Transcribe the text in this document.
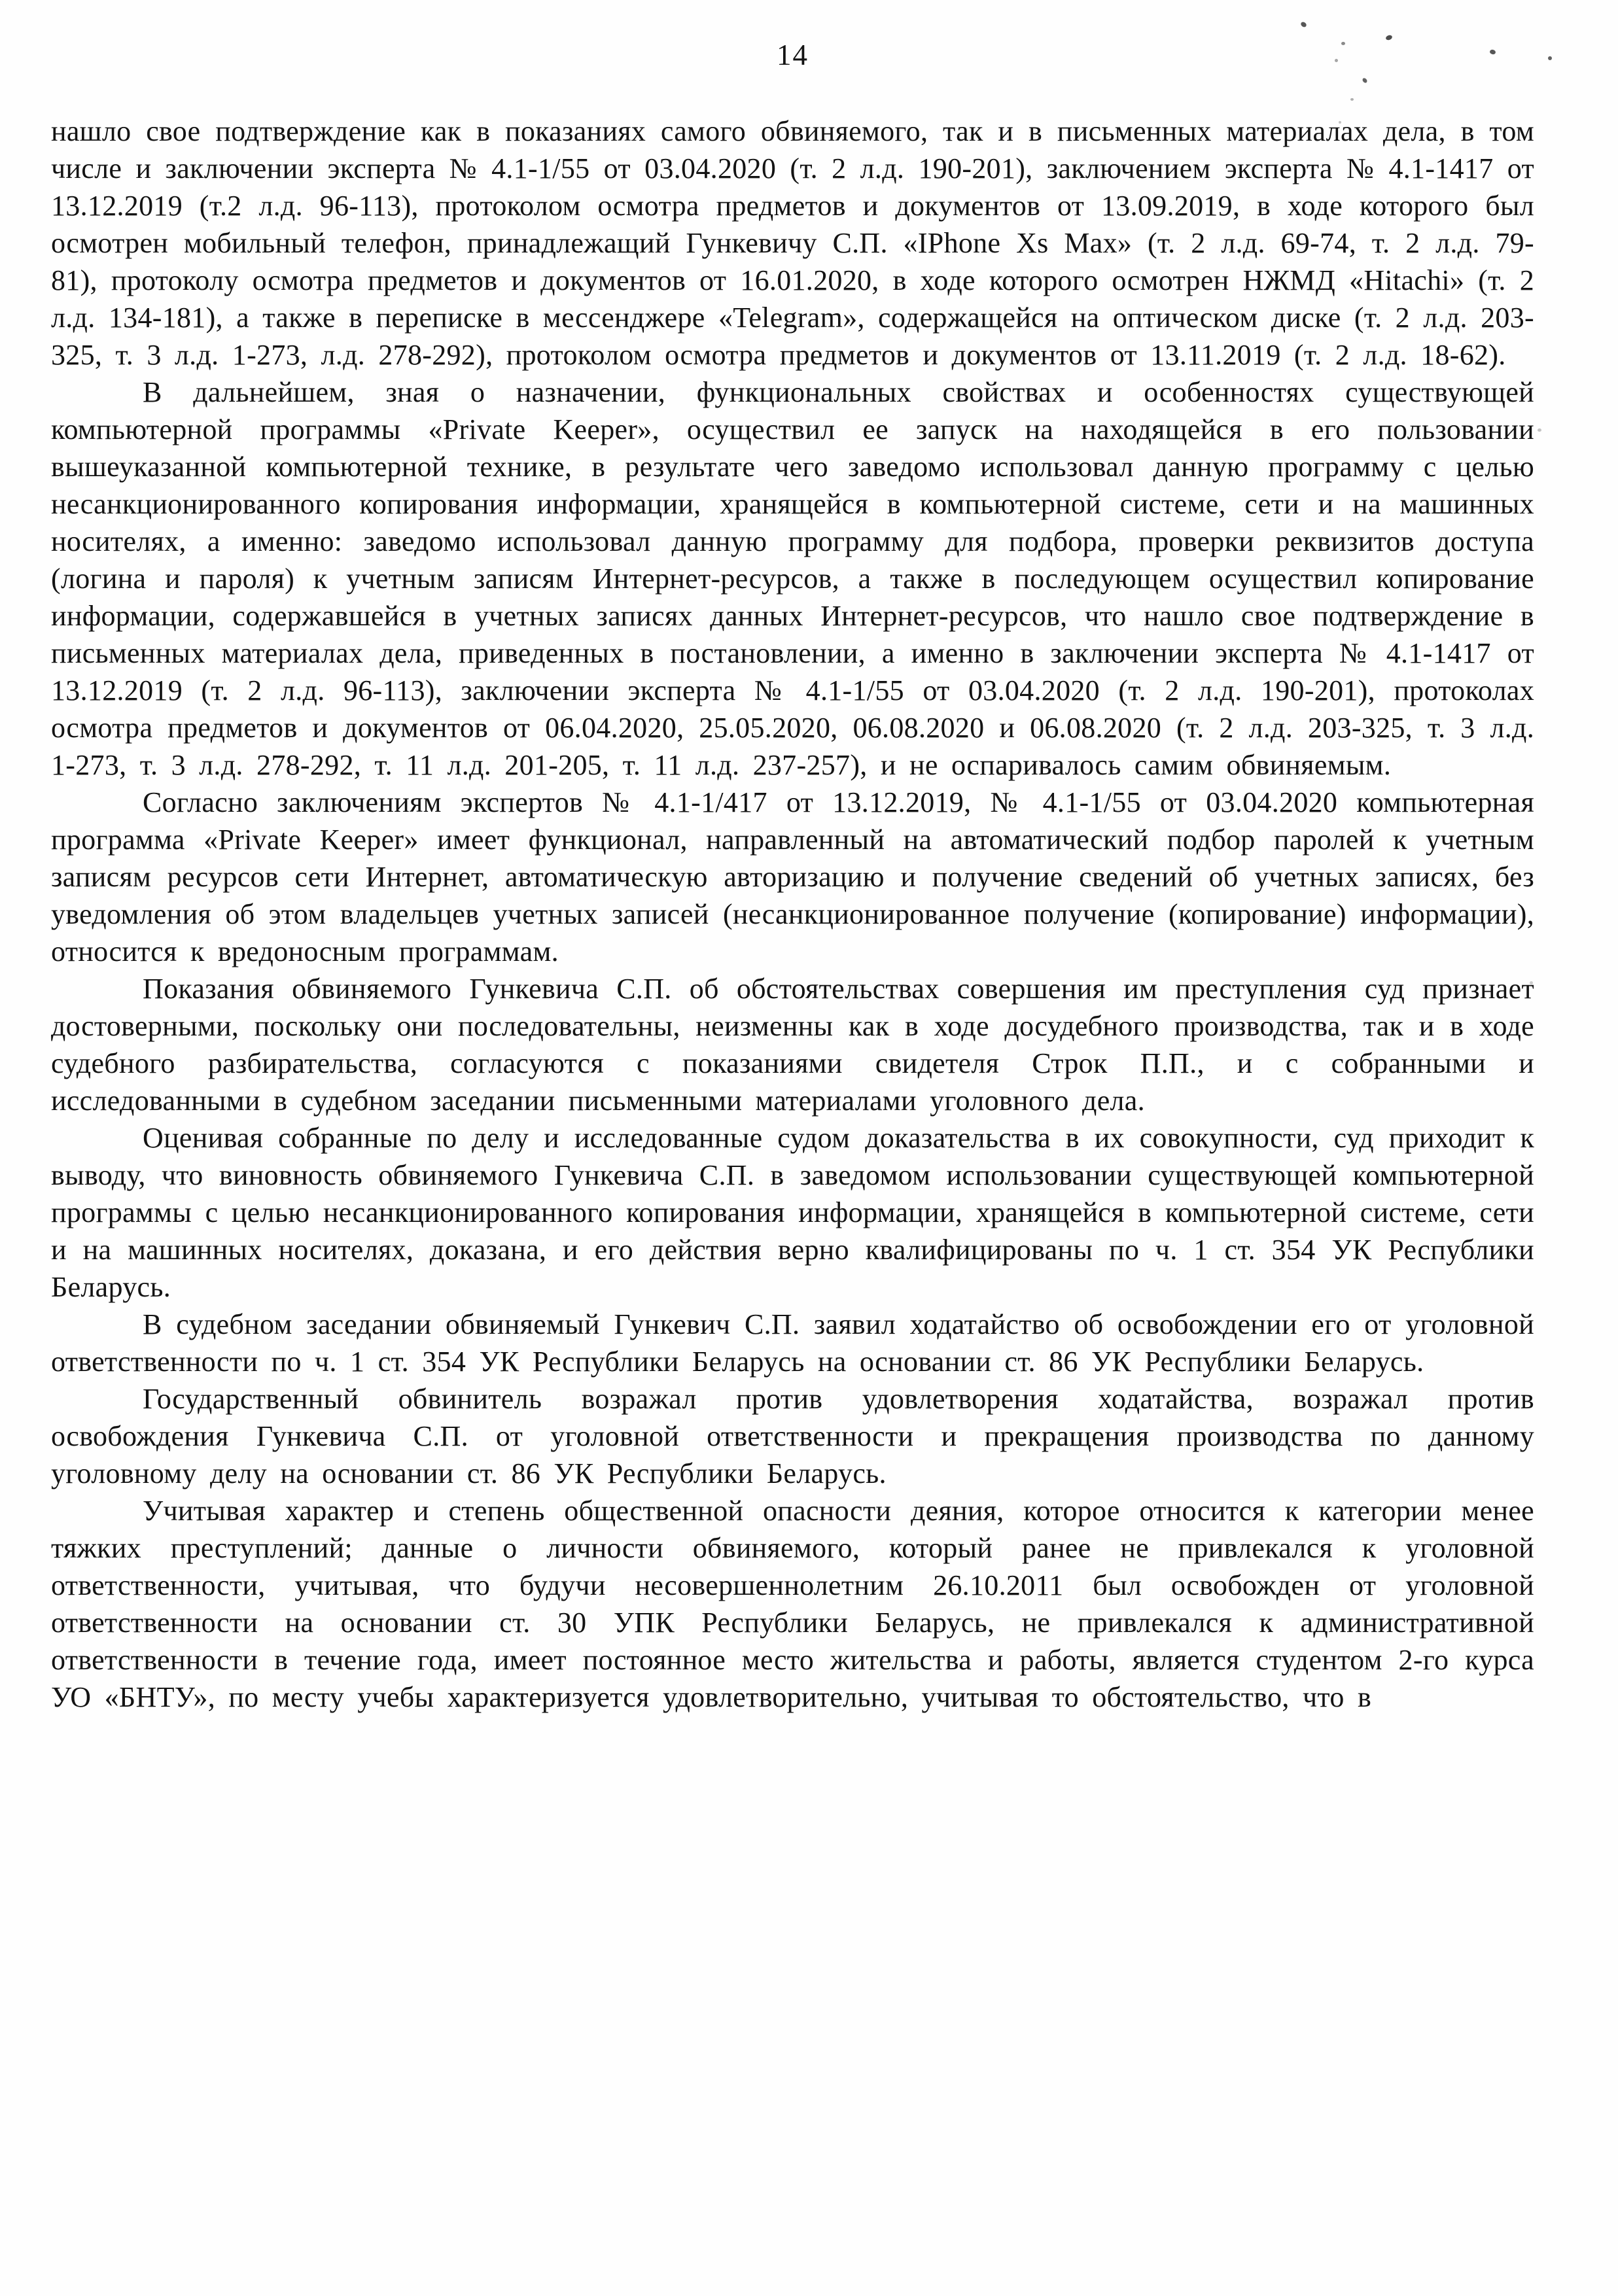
14

нашло свое подтверждение как в показаниях самого обвиняемого, так и в письменных материалах дела, в том числе и заключении эксперта № 4.1-1/55 от 03.04.2020 (т. 2 л.д. 190-201), заключением эксперта № 4.1-1417 от 13.12.2019 (т.2 л.д. 96-113), протоколом осмотра предметов и документов от 13.09.2019, в ходе которого был осмотрен мобильный телефон, принадлежащий Гункевичу С.П. «IPhone Xs Max» (т. 2 л.д. 69-74, т. 2 л.д. 79-81), протоколу осмотра предметов и документов от 16.01.2020, в ходе которого осмотрен НЖМД «Hitachi» (т. 2 л.д. 134-181), а также в переписке в мессенджере «Telegram», содержащейся на оптическом диске (т. 2 л.д. 203-325, т. 3 л.д. 1-273, л.д. 278-292), протоколом осмотра предметов и документов от 13.11.2019 (т. 2 л.д. 18-62).

В дальнейшем, зная о назначении, функциональных свойствах и особенностях существующей компьютерной программы «Private Keeper», осуществил ее запуск на находящейся в его пользовании вышеуказанной компьютерной технике, в результате чего заведомо использовал данную программу с целью несанкционированного копирования информации, хранящейся в компьютерной системе, сети и на машинных носителях, а именно: заведомо использовал данную программу для подбора, проверки реквизитов доступа (логина и пароля) к учетным записям Интернет-ресурсов, а также в последующем осуществил копирование информации, содержавшейся в учетных записях данных Интернет-ресурсов, что нашло свое подтверждение в письменных материалах дела, приведенных в постановлении, а именно в заключении эксперта № 4.1-1417 от 13.12.2019 (т. 2 л.д. 96-113), заключении эксперта № 4.1-1/55 от 03.04.2020 (т. 2 л.д. 190-201), протоколах осмотра предметов и документов от 06.04.2020, 25.05.2020, 06.08.2020 и 06.08.2020 (т. 2 л.д. 203-325, т. 3 л.д. 1-273, т. 3 л.д. 278-292, т. 11 л.д. 201-205, т. 11 л.д. 237-257), и не оспаривалось самим обвиняемым.

Согласно заключениям экспертов № 4.1-1/417 от 13.12.2019, № 4.1-1/55 от 03.04.2020 компьютерная программа «Private Keeper» имеет функционал, направленный на автоматический подбор паролей к учетным записям ресурсов сети Интернет, автоматическую авторизацию и получение сведений об учетных записях, без уведомления об этом владельцев учетных записей (несанкционированное получение (копирование) информации), относится к вредоносным программам.

Показания обвиняемого Гункевича С.П. об обстоятельствах совершения им преступления суд признает достоверными, поскольку они последовательны, неизменны как в ходе досудебного производства, так и в ходе судебного разбирательства, согласуются с показаниями свидетеля Строк П.П., и с собранными и исследованными в судебном заседании письменными материалами уголовного дела.

Оценивая собранные по делу и исследованные судом доказательства в их совокупности, суд приходит к выводу, что виновность обвиняемого Гункевича С.П. в заведомом использовании существующей компьютерной программы с целью несанкционированного копирования информации, хранящейся в компьютерной системе, сети и на машинных носителях, доказана, и его действия верно квалифицированы по ч. 1 ст. 354 УК Республики Беларусь.

В судебном заседании обвиняемый Гункевич С.П. заявил ходатайство об освобождении его от уголовной ответственности по ч. 1 ст. 354 УК Республики Беларусь на основании ст. 86 УК Республики Беларусь.

Государственный обвинитель возражал против удовлетворения ходатайства, возражал против освобождения Гункевича С.П. от уголовной ответственности и прекращения производства по данному уголовному делу на основании ст. 86 УК Республики Беларусь.

Учитывая характер и степень общественной опасности деяния, которое относится к категории менее тяжких преступлений; данные о личности обвиняемого, который ранее не привлекался к уголовной ответственности, учитывая, что будучи несовершеннолетним 26.10.2011 был освобожден от уголовной ответственности на основании ст. 30 УПК Республики Беларусь, не привлекался к административной ответственности в течение года, имеет постоянное место жительства и работы, является студентом 2-го курса УО «БНТУ», по месту учебы характеризуется удовлетворительно, учитывая то обстоятельство, что в
